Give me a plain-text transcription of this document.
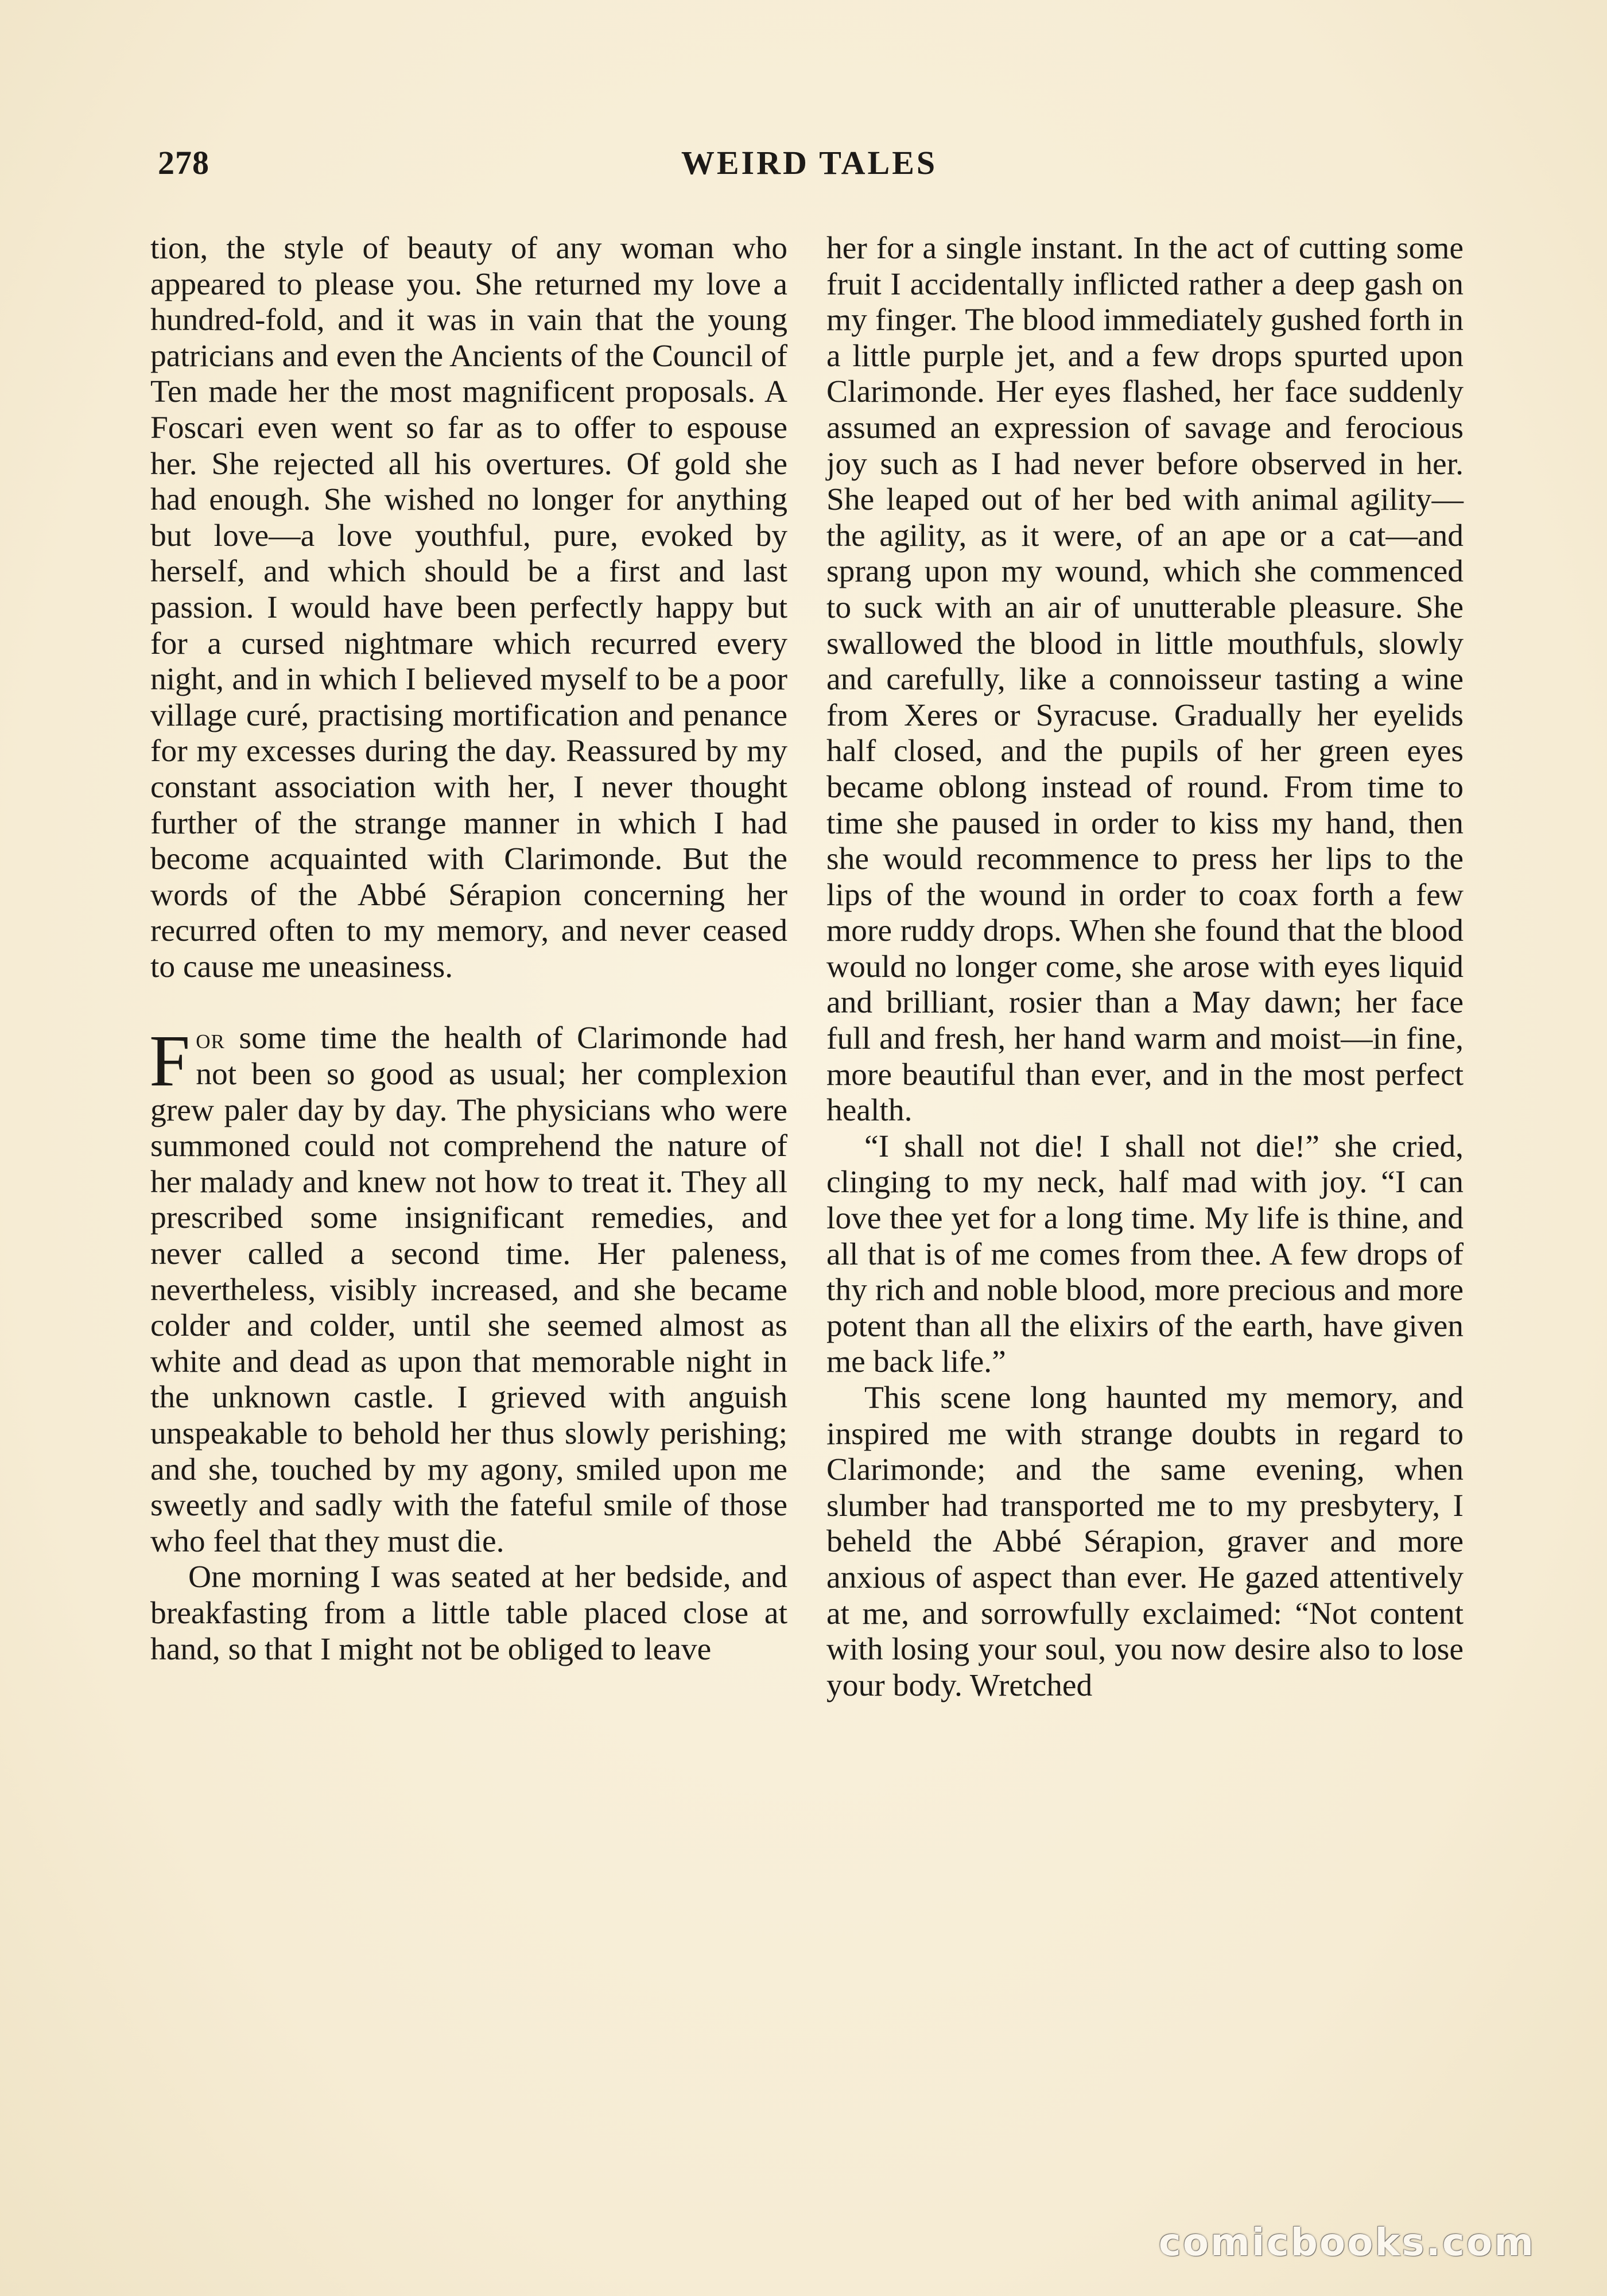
278	WEIRD TALES

tion, the style of beauty of any woman who appeared to please you. She returned my love a hundred-fold, and it was in vain that the young patricians and even the Ancients of the Council of Ten made her the most magnificent proposals. A Foscari even went so far as to offer to espouse her. She rejected all his overtures. Of gold she had enough. She wished no longer for anything but love—a love youthful, pure, evoked by herself, and which should be a first and last passion. I would have been perfectly happy but for a cursed nightmare which recurred every night, and in which I believed myself to be a poor village curé, practising mortification and penance for my excesses during the day. Reassured by my constant association with her, I never thought further of the strange manner in which I had become acquainted with Clarimonde. But the words of the Abbé Sérapion concerning her recurred often to my memory, and never ceased to cause me uneasiness.

For some time the health of Clarimonde had not been so good as usual; her complexion grew paler day by day. The physicians who were summoned could not comprehend the nature of her malady and knew not how to treat it. They all prescribed some insignificant remedies, and never called a second time. Her paleness, nevertheless, visibly increased, and she became colder and colder, until she seemed almost as white and dead as upon that memorable night in the unknown castle. I grieved with anguish unspeakable to behold her thus slowly perishing; and she, touched by my agony, smiled upon me sweetly and sadly with the fateful smile of those who feel that they must die.

One morning I was seated at her bedside, and breakfasting from a little table placed close at hand, so that I might not be obliged to leave

her for a single instant. In the act of cutting some fruit I accidentally inflicted rather a deep gash on my finger. The blood immediately gushed forth in a little purple jet, and a few drops spurted upon Clarimonde. Her eyes flashed, her face suddenly assumed an expression of savage and ferocious joy such as I had never before observed in her. She leaped out of her bed with animal agility—the agility, as it were, of an ape or a cat—and sprang upon my wound, which she commenced to suck with an air of unutterable pleasure. She swallowed the blood in little mouthfuls, slowly and carefully, like a connoisseur tasting a wine from Xeres or Syracuse. Gradually her eyelids half closed, and the pupils of her green eyes became oblong instead of round. From time to time she paused in order to kiss my hand, then she would recommence to press her lips to the lips of the wound in order to coax forth a few more ruddy drops. When she found that the blood would no longer come, she arose with eyes liquid and brilliant, rosier than a May dawn; her face full and fresh, her hand warm and moist—in fine, more beautiful than ever, and in the most perfect health.

“I shall not die! I shall not die!” she cried, clinging to my neck, half mad with joy. “I can love thee yet for a long time. My life is thine, and all that is of me comes from thee. A few drops of thy rich and noble blood, more precious and more potent than all the elixirs of the earth, have given me back life.”

This scene long haunted my memory, and inspired me with strange doubts in regard to Clarimonde; and the same evening, when slumber had transported me to my presbytery, I beheld the Abbé Sérapion, graver and more anxious of aspect than ever. He gazed attentively at me, and sorrowfully exclaimed: “Not content with losing your soul, you now desire also to lose your body. Wretched

comicbooks.com
